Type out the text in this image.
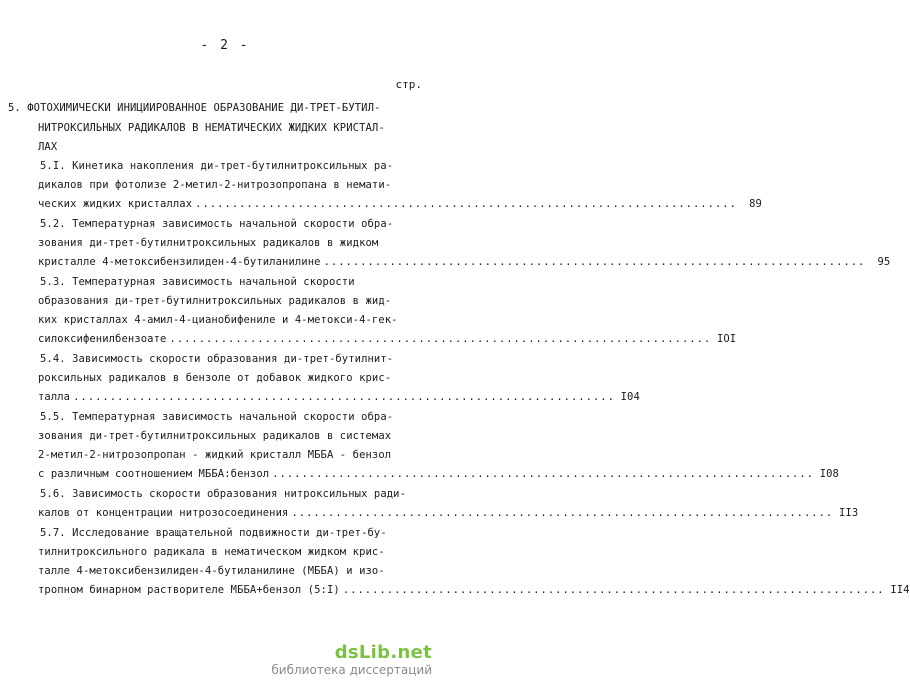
- 2 -
стр.
5. ФОТОХИМИЧЕСКИ ИНИЦИИРОВАННОЕ ОБРАЗОВАНИЕ ДИ-ТРЕТ-БУТИЛ-
НИТРОКСИЛЬНЫХ РАДИКАЛОВ В НЕМАТИЧЕСКИХ ЖИДКИХ КРИСТАЛ-
ЛАХ
5.I. Кинетика накопления ди-трет-бутилнитроксильных ра-
дикалов при фотолизе 2-метил-2-нитрозопропана в немати-
ческих жидких кристаллах ..........................................................................	89
5.2. Температурная зависимость начальной скорости обра-
зования ди-трет-бутилнитроксильных радикалов в жидком
кристалле 4-метоксибензилиден-4-бутиланилине ..........................................................................	95
5.3. Температурная зависимость начальной скорости
образования ди-трет-бутилнитроксильных радикалов в жид-
ких кристаллах 4-амил-4-цианобифениле и 4-метокси-4-гек-
силоксифенилбензоате .......................................................................... IOI
5.4. Зависимость скорости образования ди-трет-бутилнит-
роксильных радикалов в бензоле от добавок жидкого крис-
талла .......................................................................... I04
5.5. Температурная зависимость начальной скорости обра-
зования ди-трет-бутилнитроксильных радикалов в системах
2-метил-2-нитрозопропан - жидкий кристалл МББА - бензол
с различным соотношением МББА:бензол .......................................................................... I08
5.6. Зависимость скорости образования нитроксильных ради-
калов от концентрации нитрозосоединения .......................................................................... II3
5.7. Исследование вращательной подвижности ди-трет-бу-
тилнитроксильного радикала в нематическом жидком крис-
талле 4-метоксибензилиден-4-бутиланилине (МББА) и изо-
тропном бинарном растворителе МББА+бензол (5:I) .......................................................................... II4
dsLib.net
библиотека диссертаций
